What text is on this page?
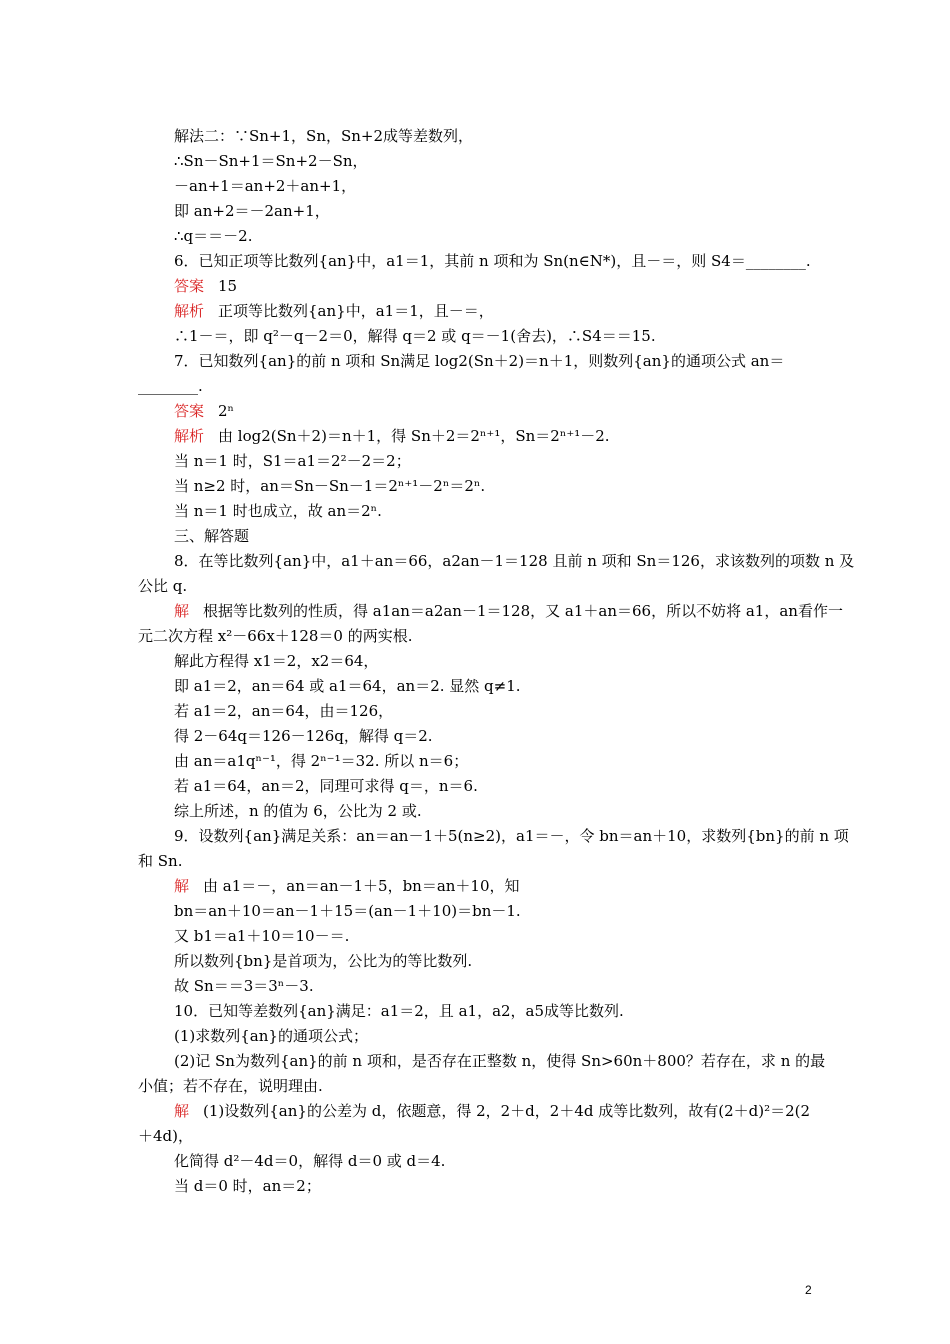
解法二：∵Sn+1，Sn，Sn+2成等差数列，
∴Sn－Sn+1＝Sn+2－Sn，
－an+1＝an+2＋an+1，
即 an+2＝－2an+1，
∴q＝＝－2.
6．已知正项等比数列{an}中，a1＝1，其前 n 项和为 Sn(n∈N*)，且－＝，则 S4＝________.
答案 15
解析 正项等比数列{an}中，a1＝1，且－＝，
∴1－＝，即 q²－q－2＝0，解得 q＝2 或 q＝－1(舍去)，∴S4＝＝15.
7．已知数列{an}的前 n 项和 Sn满足 log2(Sn＋2)＝n＋1，则数列{an}的通项公式 an＝
________.
答案 2ⁿ
解析 由 log2(Sn＋2)＝n＋1，得 Sn＋2＝2ⁿ⁺¹，Sn＝2ⁿ⁺¹－2.
当 n＝1 时，S1＝a1＝2²－2＝2；
当 n≥2 时，an＝Sn－Sn－1＝2ⁿ⁺¹－2ⁿ＝2ⁿ.
当 n＝1 时也成立，故 an＝2ⁿ.
三、解答题
8．在等比数列{an}中，a1＋an＝66，a2an－1＝128 且前 n 项和 Sn＝126，求该数列的项数 n 及
公比 q.
解 根据等比数列的性质，得 a1an＝a2an－1＝128，又 a1＋an＝66，所以不妨将 a1，an看作一
元二次方程 x²－66x＋128＝0 的两实根.
解此方程得 x1＝2，x2＝64，
即 a1＝2，an＝64 或 a1＝64，an＝2. 显然 q≠1.
若 a1＝2，an＝64，由＝126，
得 2－64q＝126－126q，解得 q＝2.
由 an＝a1qⁿ⁻¹，得 2ⁿ⁻¹＝32. 所以 n＝6；
若 a1＝64，an＝2，同理可求得 q＝，n＝6.
综上所述，n 的值为 6，公比为 2 或.
9．设数列{an}满足关系：an＝an－1＋5(n≥2)，a1＝－，令 bn＝an＋10，求数列{bn}的前 n 项
和 Sn.
解 由 a1＝－，an＝an－1＋5，bn＝an＋10，知
bn＝an＋10＝an－1＋15＝(an－1＋10)＝bn－1.
又 b1＝a1＋10＝10－＝.
所以数列{bn}是首项为，公比为的等比数列.
故 Sn＝＝3＝3ⁿ－3.
10．已知等差数列{an}满足：a1＝2，且 a1，a2，a5成等比数列.
(1)求数列{an}的通项公式；
(2)记 Sn为数列{an}的前 n 项和，是否存在正整数 n，使得 Sn>60n＋800？若存在，求 n 的最
小值；若不存在，说明理由.
解 (1)设数列{an}的公差为 d，依题意，得 2，2＋d，2＋4d 成等比数列，故有(2＋d)²＝2(2
＋4d)，
化简得 d²－4d＝0，解得 d＝0 或 d＝4.
当 d＝0 时，an＝2；
2
